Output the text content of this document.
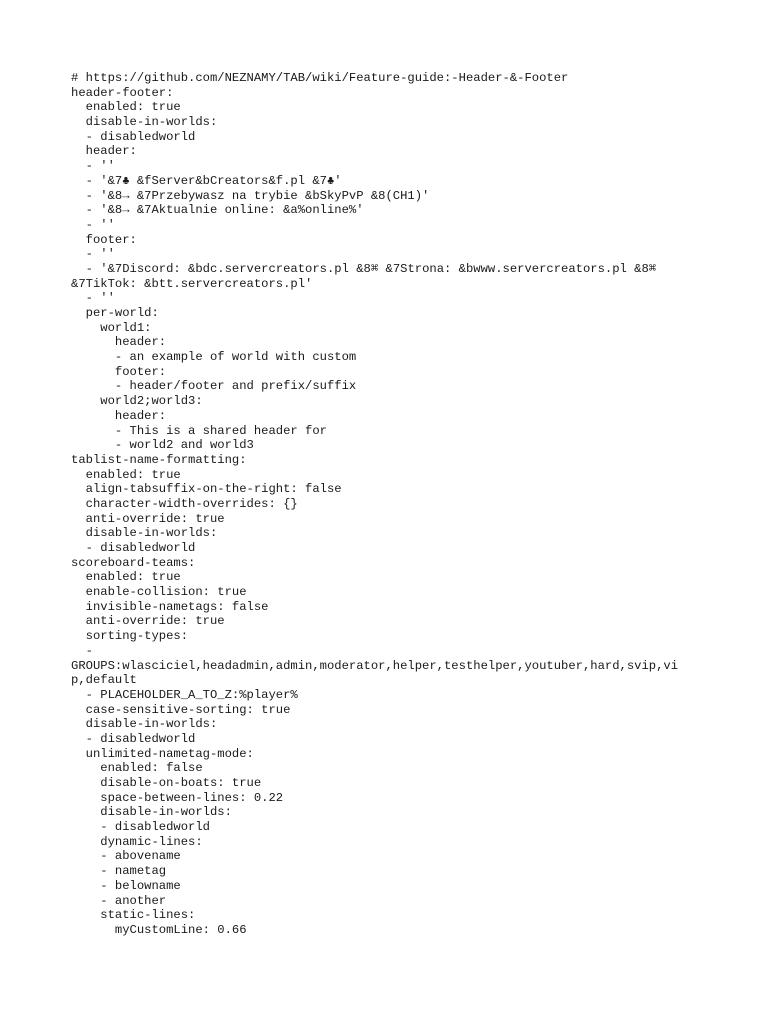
# https://github.com/NEZNAMY/TAB/wiki/Feature-guide:-Header-&-Footer
header-footer:
enabled: true
disable-in-worlds:
- disabledworld
header:
- ''
- '&7♣ &fServer&bCreators&f.pl &7♣'
- '&8→ &7Przebywasz na trybie &bSkyPvP &8(CH1)'
- '&8→ &7Aktualnie online: &a%online%'
- ''
footer:
- ''
- '&7Discord: &bdc.servercreators.pl &8⌘ &7Strona: &bwww.servercreators.pl &8⌘
&7TikTok: &btt.servercreators.pl'
- ''
per-world:
world1:
header:
- an example of world with custom
footer:
- header/footer and prefix/suffix
world2;world3:
header:
- This is a shared header for
- world2 and world3
tablist-name-formatting:
enabled: true
align-tabsuffix-on-the-right: false
character-width-overrides: {}
anti-override: true
disable-in-worlds:
- disabledworld
scoreboard-teams:
enabled: true
enable-collision: true
invisible-nametags: false
anti-override: true
sorting-types:
-
GROUPS:wlasciciel,headadmin,admin,moderator,helper,testhelper,youtuber,hard,svip,vi
p,default
- PLACEHOLDER_A_TO_Z:%player%
case-sensitive-sorting: true
disable-in-worlds:
- disabledworld
unlimited-nametag-mode:
enabled: false
disable-on-boats: true
space-between-lines: 0.22
disable-in-worlds:
- disabledworld
dynamic-lines:
- abovename
- nametag
- belowname
- another
static-lines:
myCustomLine: 0.66
